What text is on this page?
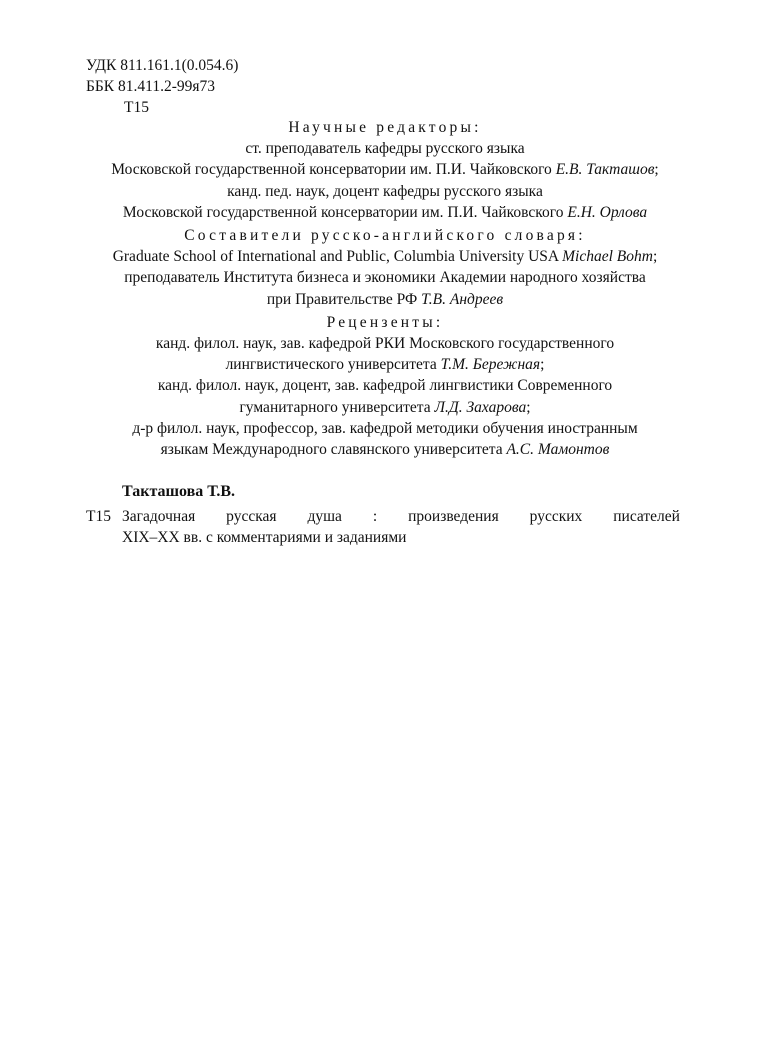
УДК 811.161.1(0.054.6)
ББК 81.411.2-99я73
Т15
Научные редакторы:
ст. преподаватель кафедры русского языка
Московской государственной консерватории им. П.И. Чайковского Е.В. Такташов;
канд. пед. наук, доцент кафедры русского языка
Московской государственной консерватории им. П.И. Чайковского Е.Н. Орлова
Составители русско-английского словаря:
Graduate School of International and Public, Columbia University USA Michael Bohm;
преподаватель Института бизнеса и экономики Академии народного хозяйства
при Правительстве РФ Т.В. Андреев
Рецензенты:
канд. филол. наук, зав. кафедрой РКИ Московского государственного
лингвистического университета Т.М. Бережная;
канд. филол. наук, доцент, зав. кафедрой лингвистики Современного
гуманитарного университета Л.Д. Захарова;
д-р филол. наук, профессор, зав. кафедрой методики обучения иностранным
языкам Международного славянского университета А.С. Мамонтов
Такташова Т.В.
Т15 Загадочная русская душа : произведения русских писателей
XIX–XX вв. с комментариями и заданиями
